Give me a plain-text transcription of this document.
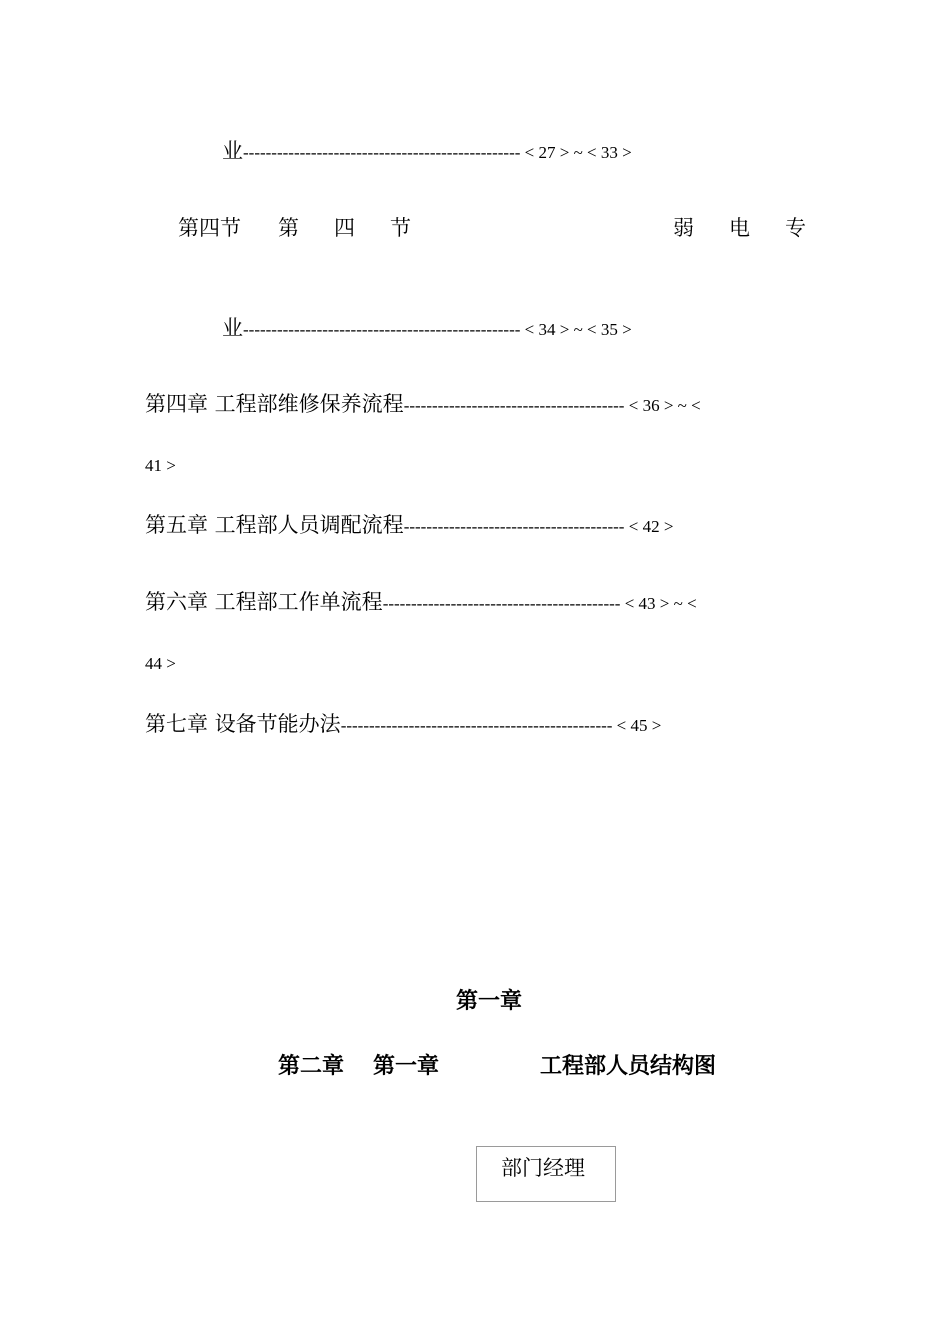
业------------------------------------------------- < 27 > ~ < 33 >
第四节 第 四 节	弱 电 专
业------------------------------------------------- < 34 > ~ < 35 >
第四章 工程部维修保养流程--------------------------------------- < 36 > ~ <
41 >
第五章 工程部人员调配流程--------------------------------------- < 42 >
第六章 工程部工作单流程------------------------------------------ < 43 > ~ <
44 >
第七章 设备节能办法------------------------------------------------ < 45 >
第一章
第二章 第一章	工程部人员结构图
部门经理
